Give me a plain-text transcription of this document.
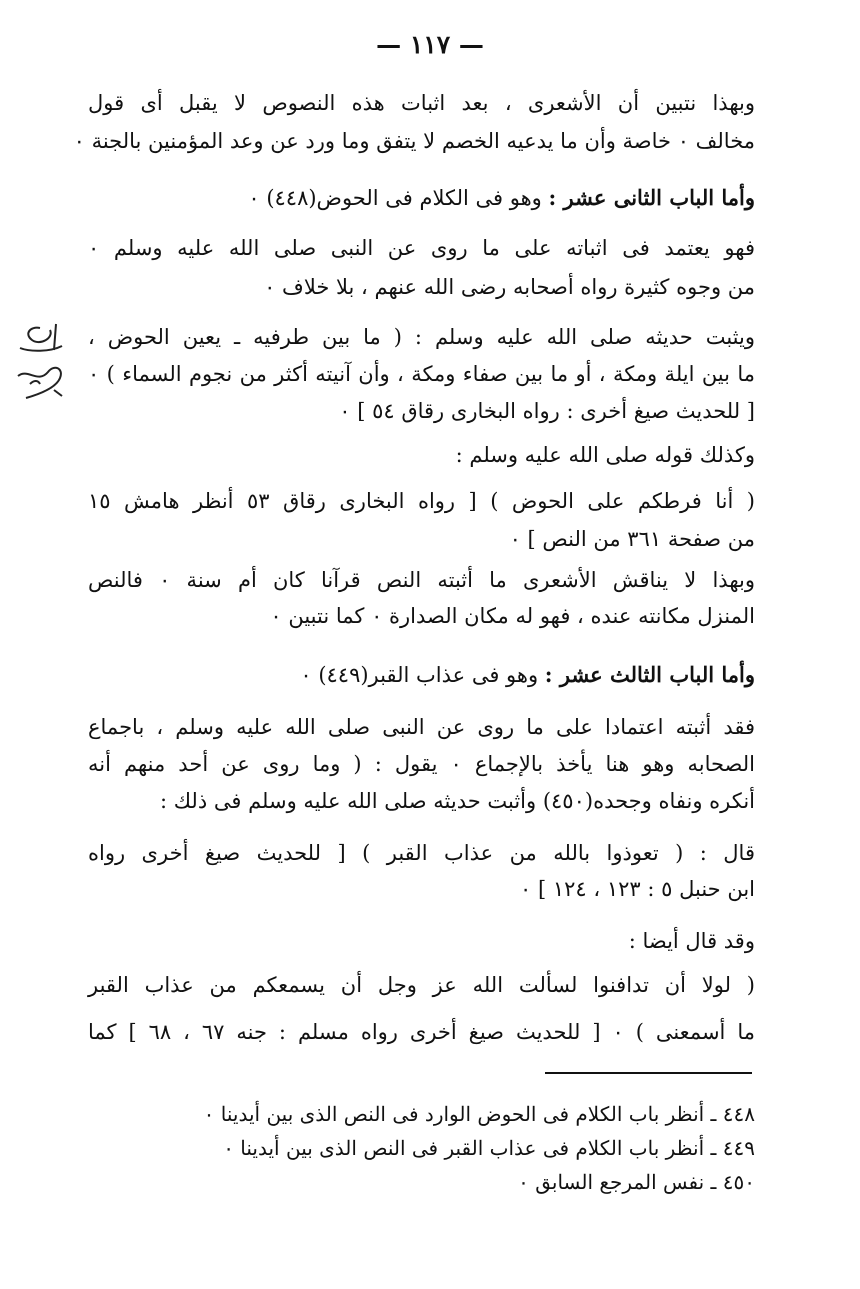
— ١١٧ —
وبهذا نتبين أن الأشعرى ، بعد اثبات هذه النصوص لا يقبل أى قول
مخالف ٠ خاصة وأن ما يدعيه الخصم لا يتفق وما ورد عن وعد المؤمنين بالجنة ٠
وأما الباب الثانى عشر : وهو فى الكلام فى الحوض(٤٤٨) ٠
فهو يعتمد فى اثباته على ما روى عن النبى صلى الله عليه وسلم ٠
من وجوه كثيرة رواه أصحابه رضى الله عنهم ، بلا خلاف ٠
ويثبت حديثه صلى الله عليه وسلم : ( ما بين طرفيه ـ يعين الحوض ،
ما بين ايلة ومكة ، أو ما بين صفاء ومكة ، وأن آنيته أكثر من نجوم السماء ) ٠
[ للحديث صيغ أخرى : رواه البخارى رقاق ٥٤ ] ٠
وكذلك قوله صلى الله عليه وسلم :
( أنا فرطكم على الحوض ) [ رواه البخارى رقاق ٥٣ أنظر هامش ١٥
من صفحة ٣٦١ من النص ] ٠
وبهذا لا يناقش الأشعرى ما أثبته النص قرآنا كان أم سنة ٠ فالنص
المنزل مكانته عنده ، فهو له مكان الصدارة ٠ كما نتبين ٠
وأما الباب الثالث عشر : وهو فى عذاب القبر(٤٤٩) ٠
فقد أثبته اعتمادا على ما روى عن النبى صلى الله عليه وسلم ، باجماع
الصحابه وهو هنا يأخذ بالإجماع ٠ يقول : ( وما روى عن أحد منهم أنه
أنكره ونفاه وجحده(٤٥٠) وأثبت حديثه صلى الله عليه وسلم فى ذلك :
قال : ( تعوذوا بالله من عذاب القبر ) [ للحديث صيغ أخرى رواه
ابن حنبل ٥ : ١٢٣ ، ١٢٤ ] ٠
وقد قال أيضا :
( لولا أن تدافنوا لسألت الله عز وجل أن يسمعكم من عذاب القبر
ما أسمعنى ) ٠ [ للحديث صيغ أخرى رواه مسلم : جنه ٦٧ ، ٦٨ ] كما
٤٤٨ ـ أنظر باب الكلام فى الحوض الوارد فى النص الذى بين أيدينا ٠
٤٤٩ ـ أنظر باب الكلام فى عذاب القبر فى النص الذى بين أيدينا ٠
٤٥٠ ـ نفس المرجع السابق ٠
